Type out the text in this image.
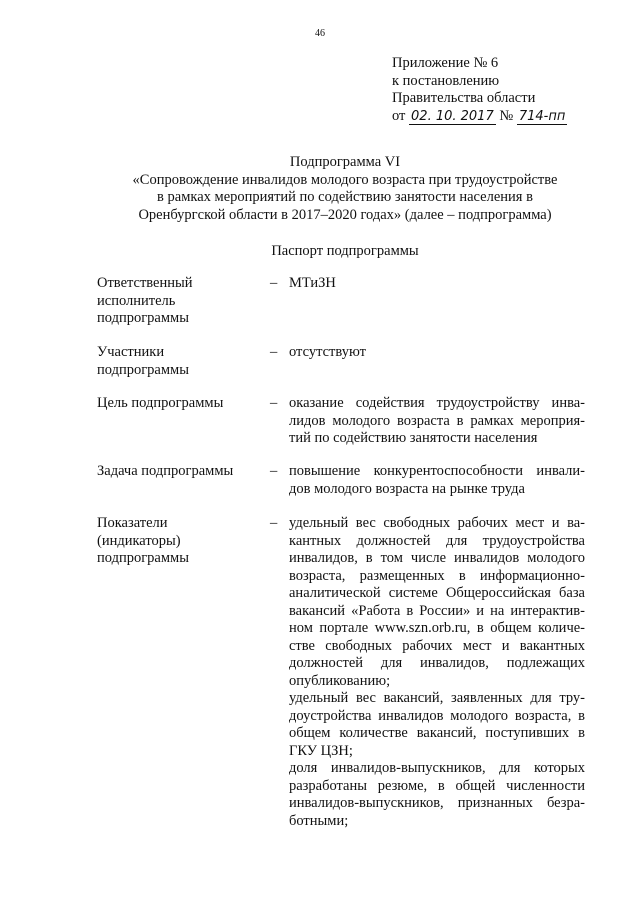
46
Приложение № 6
к постановлению
Правительства области
от 02. 10. 2017 № 714-пп
Подпрограмма VI
«Сопровождение инвалидов молодого возраста при трудоустройстве
в рамках мероприятий по содействию занятости населения в
Оренбургской области в 2017–2020 годах» (далее – подпрограмма)
Паспорт подпрограммы
Ответственный
исполнитель
подпрограммы
– МТиЗН
Участники
подпрограммы
– отсутствуют
Цель подпрограммы	– оказание содействия трудоустройству инва-
лидов молодого возраста в рамках мероприя-
тий по содействию занятости населения
Задача подпрограммы	– повышение конкурентоспособности инвали-
дов молодого возраста на рынке труда
Показатели
(индикаторы)
подпрограммы
– удельный вес свободных рабочих мест и ва-
кантных должностей для трудоустройства
инвалидов, в том числе инвалидов молодого
возраста, размещенных в информационно-
аналитической системе Общероссийская база
вакансий «Работа в России» и на интерактив-
ном портале www.szn.orb.ru, в общем количе-
стве свободных рабочих мест и вакантных
должностей для инвалидов, подлежащих
опубликованию;
удельный вес вакансий, заявленных для тру-
доустройства инвалидов молодого возраста, в
общем количестве вакансий, поступивших в
ГКУ ЦЗН;
доля инвалидов-выпускников, для которых
разработаны резюме, в общей численности
инвалидов-выпускников, признанных безра-
ботными;
